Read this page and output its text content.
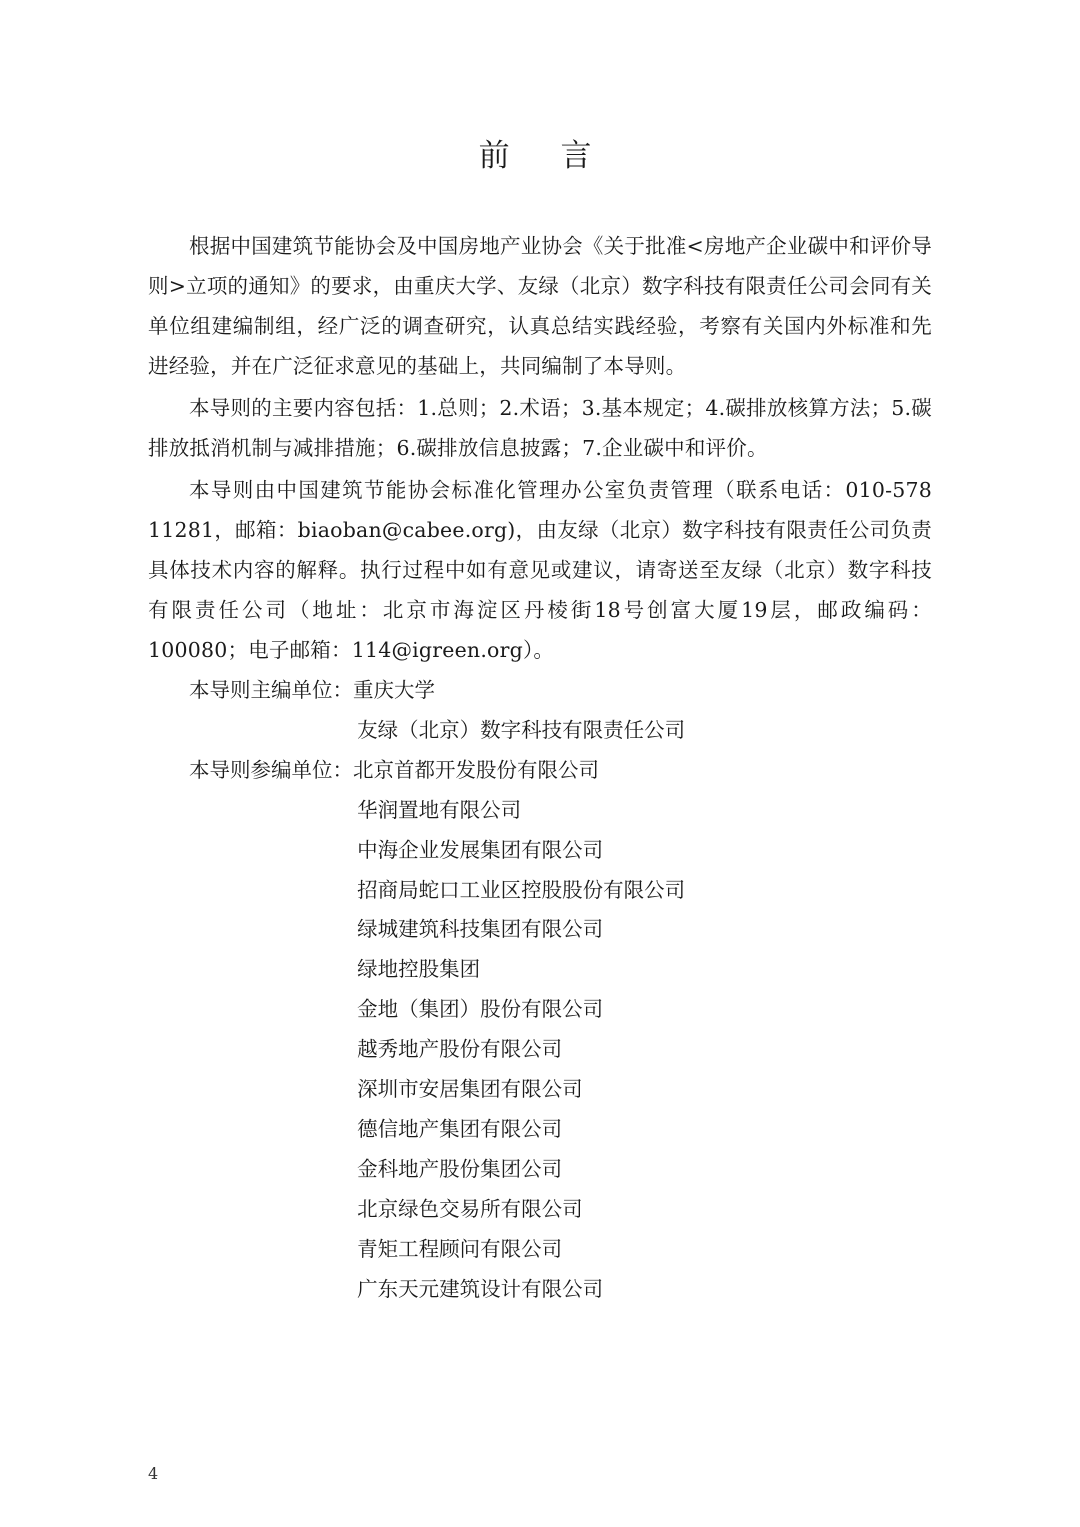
前　言

根据中国建筑节能协会及中国房地产业协会《关于批准<房地产企业碳中和评价导则>立项的通知》的要求，由重庆大学、友绿（北京）数字科技有限责任公司会同有关单位组建编制组，经广泛的调查研究，认真总结实践经验，考察有关国内外标准和先进经验，并在广泛征求意见的基础上，共同编制了本导则。

本导则的主要内容包括：1.总则；2.术语；3.基本规定；4.碳排放核算方法；5.碳排放抵消机制与减排措施；6.碳排放信息披露；7.企业碳中和评价。

本导则由中国建筑节能协会标准化管理办公室负责管理（联系电话：010-578 11281，邮箱：biaoban@cabee.org)，由友绿（北京）数字科技有限责任公司负责具体技术内容的解释。执行过程中如有意见或建议，请寄送至友绿（北京）数字科技有限责任公司（地址：北京市海淀区丹棱街18号创富大厦19层，邮政编码：100080；电子邮箱：114@igreen.org）。

本导则主编单位：重庆大学

友绿（北京）数字科技有限责任公司

本导则参编单位：北京首都开发股份有限公司

华润置地有限公司

中海企业发展集团有限公司

招商局蛇口工业区控股股份有限公司

绿城建筑科技集团有限公司

绿地控股集团

金地（集团）股份有限公司

越秀地产股份有限公司

深圳市安居集团有限公司

德信地产集团有限公司

金科地产股份集团公司

北京绿色交易所有限公司

青矩工程顾问有限公司

广东天元建筑设计有限公司

4
